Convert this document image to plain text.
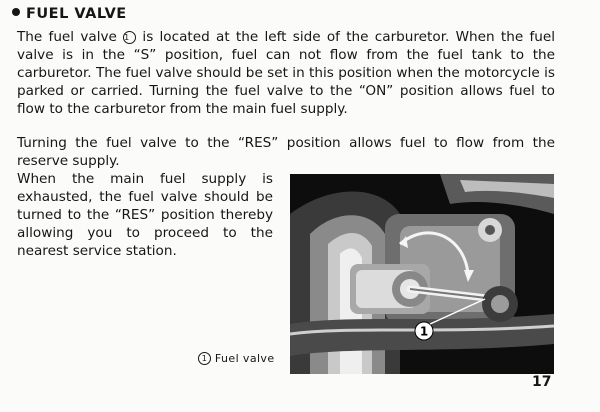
FUEL VALVE
The fuel valve 1 is located at the left side of the carburetor. When the fuel valve is in the “S” position, fuel can not flow from the fuel tank to the carburetor. The fuel valve should be set in this position when the motorcycle is parked or carried. Turning the fuel valve to the “ON” position allows fuel to flow to the carburetor from the main fuel supply.
Turning the fuel valve to the “RES” position allows fuel to flow from the reserve supply.
When the main fuel supply is exhausted, the fuel valve should be turned to the “RES” position thereby allowing you to proceed to the nearest service station.
1
1 Fuel valve
17
